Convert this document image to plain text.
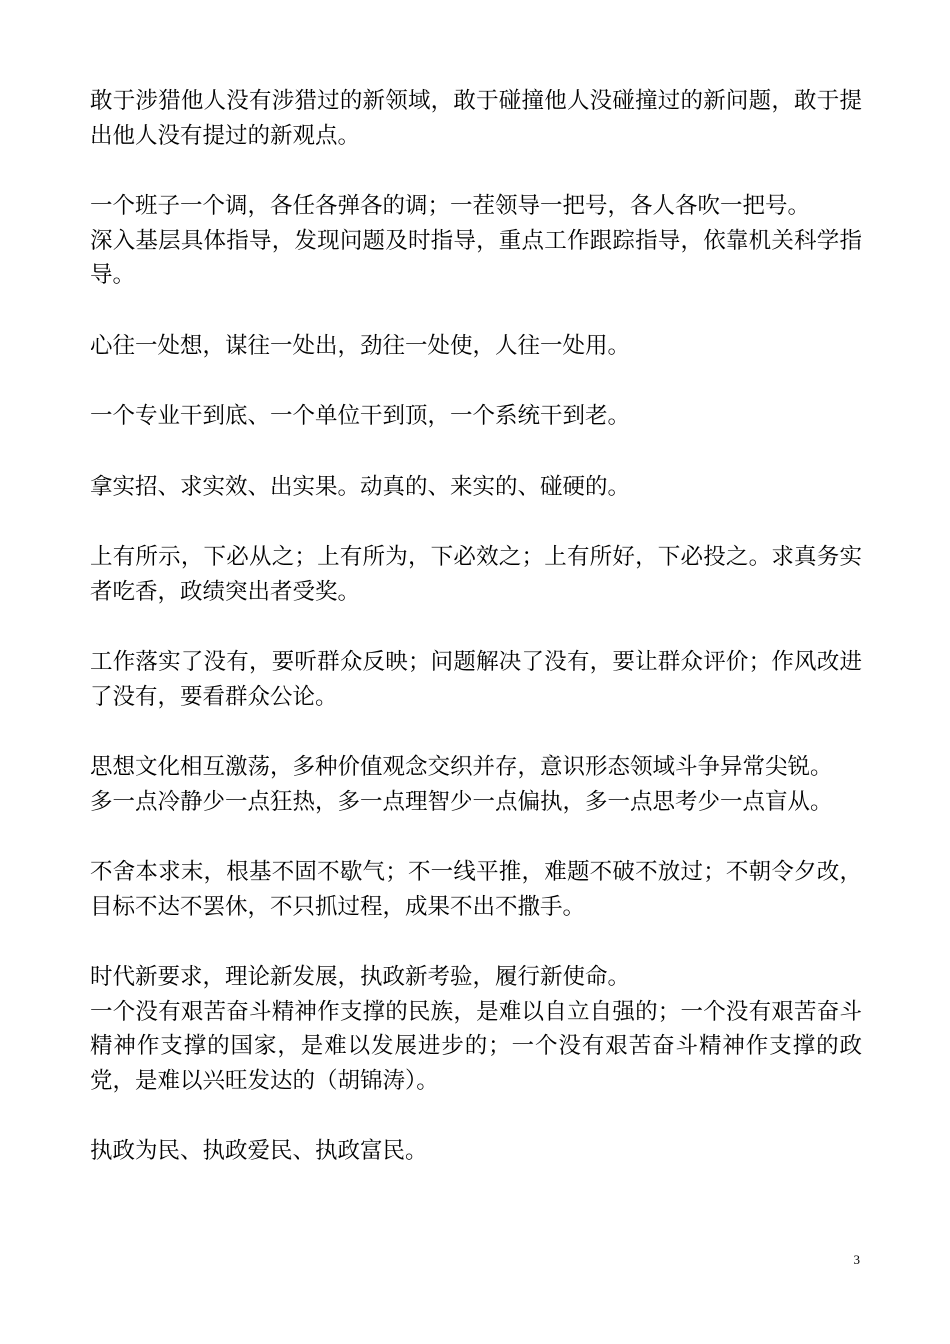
敢于涉猎他人没有涉猎过的新领域，敢于碰撞他人没碰撞过的新问题，敢于提出他人没有提过的新观点。

一个班子一个调，各任各弹各的调；一茬领导一把号，各人各吹一把号。
深入基层具体指导，发现问题及时指导，重点工作跟踪指导，依靠机关科学指导。

心往一处想，谋往一处出，劲往一处使，人往一处用。

一个专业干到底、一个单位干到顶，一个系统干到老。

拿实招、求实效、出实果。动真的、来实的、碰硬的。

上有所示，下必从之；上有所为，下必效之；上有所好，下必投之。求真务实者吃香，政绩突出者受奖。

工作落实了没有，要听群众反映；问题解决了没有，要让群众评价；作风改进了没有，要看群众公论。

思想文化相互激荡，多种价值观念交织并存，意识形态领域斗争异常尖锐。
多一点冷静少一点狂热，多一点理智少一点偏执，多一点思考少一点盲从。

不舍本求末，根基不固不歇气；不一线平推，难题不破不放过；不朝令夕改，目标不达不罢休，不只抓过程，成果不出不撒手。

时代新要求，理论新发展，执政新考验，履行新使命。
一个没有艰苦奋斗精神作支撑的民族，是难以自立自强的；一个没有艰苦奋斗精神作支撑的国家，是难以发展进步的；一个没有艰苦奋斗精神作支撑的政党，是难以兴旺发达的（胡锦涛）。

执政为民、执政爱民、执政富民。

3
